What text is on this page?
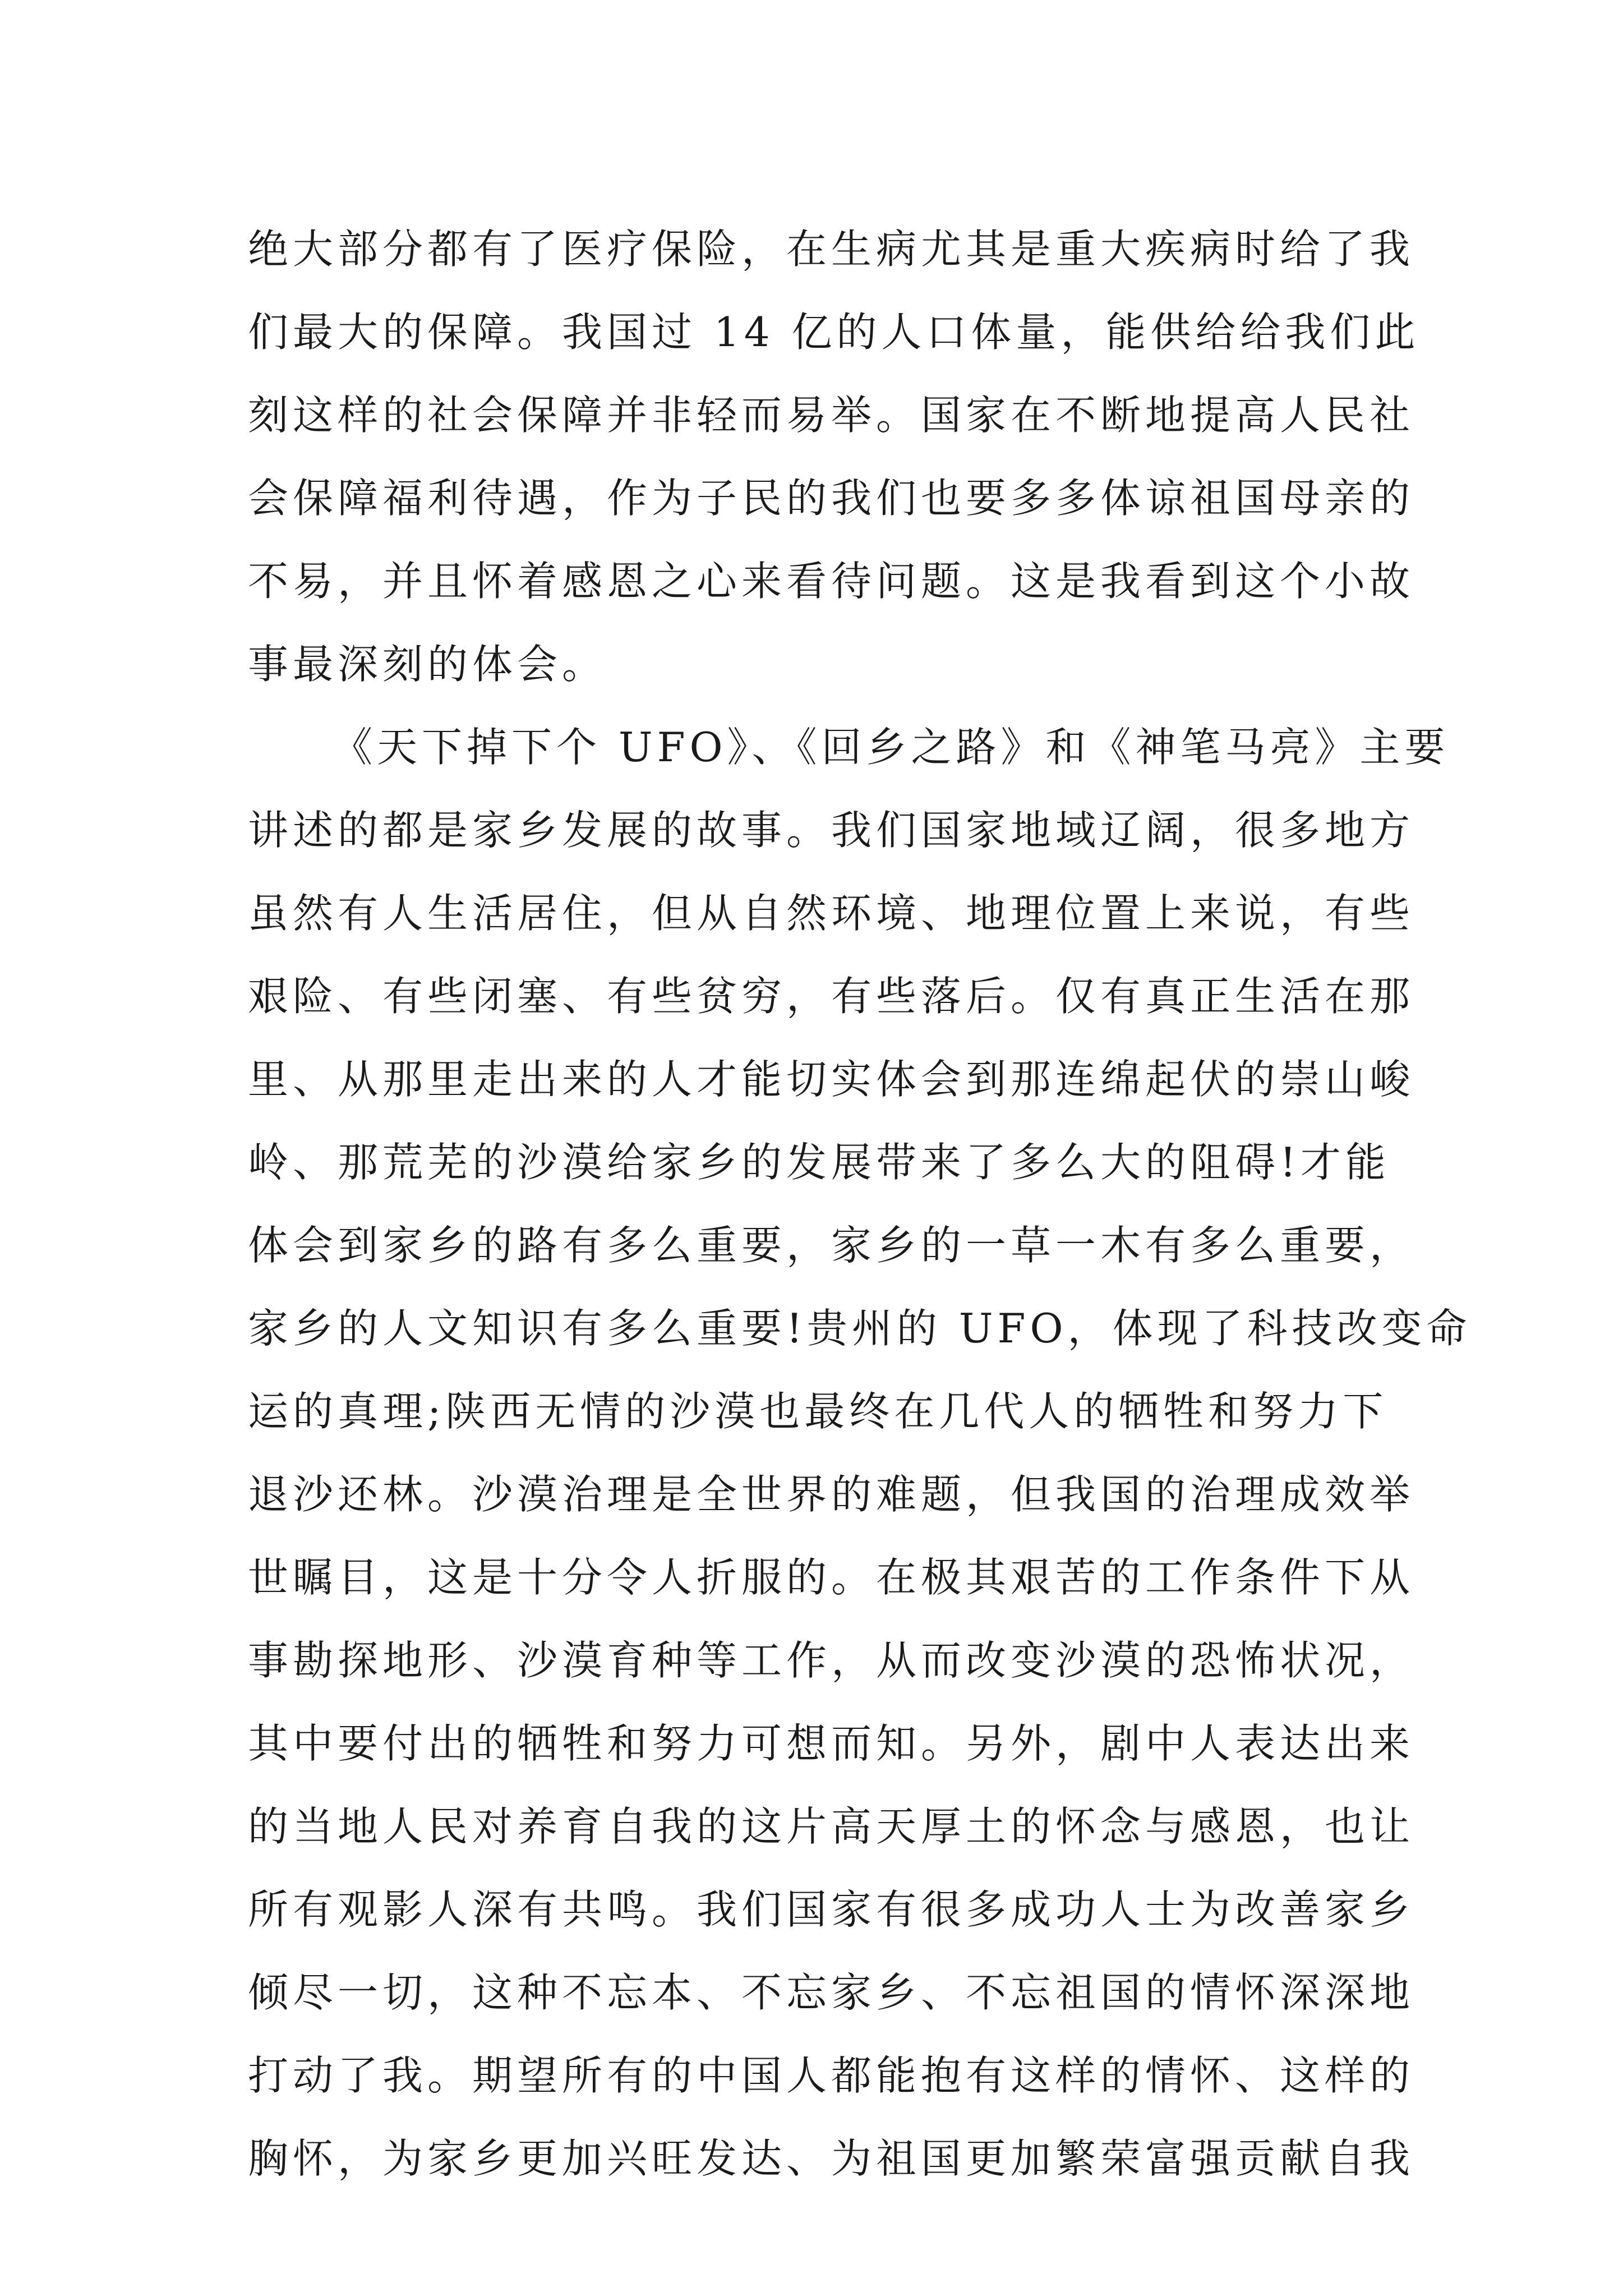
绝大部分都有了医疗保险，在生病尤其是重大疾病时给了我
们最大的保障。我国过 14 亿的人口体量，能供给给我们此
刻这样的社会保障并非轻而易举。国家在不断地提高人民社
会保障福利待遇，作为子民的我们也要多多体谅祖国母亲的
不易，并且怀着感恩之心来看待问题。这是我看到这个小故
事最深刻的体会。
《天下掉下个 UFO》、《回乡之路》和《神笔马亮》主要
讲述的都是家乡发展的故事。我们国家地域辽阔，很多地方
虽然有人生活居住，但从自然环境、地理位置上来说，有些
艰险、有些闭塞、有些贫穷，有些落后。仅有真正生活在那
里、从那里走出来的人才能切实体会到那连绵起伏的崇山峻
岭、那荒芜的沙漠给家乡的发展带来了多么大的阻碍!才能
体会到家乡的路有多么重要，家乡的一草一木有多么重要，
家乡的人文知识有多么重要!贵州的 UFO，体现了科技改变命
运的真理;陕西无情的沙漠也最终在几代人的牺牲和努力下
退沙还林。沙漠治理是全世界的难题，但我国的治理成效举
世瞩目，这是十分令人折服的。在极其艰苦的工作条件下从
事勘探地形、沙漠育种等工作，从而改变沙漠的恐怖状况，
其中要付出的牺牲和努力可想而知。另外，剧中人表达出来
的当地人民对养育自我的这片高天厚土的怀念与感恩，也让
所有观影人深有共鸣。我们国家有很多成功人士为改善家乡
倾尽一切，这种不忘本、不忘家乡、不忘祖国的情怀深深地
打动了我。期望所有的中国人都能抱有这样的情怀、这样的
胸怀，为家乡更加兴旺发达、为祖国更加繁荣富强贡献自我
